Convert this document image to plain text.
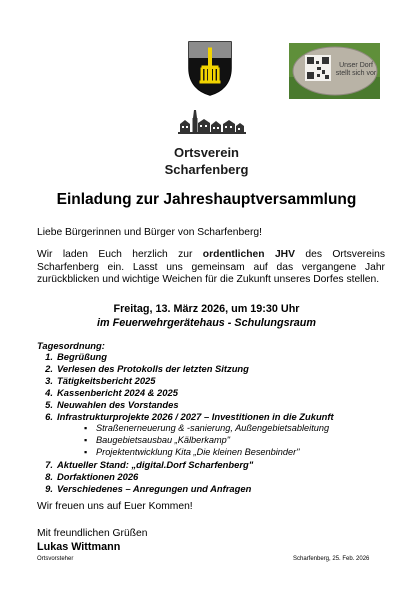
Unser Dorf
stellt sich vor
Ortsverein
Scharfenberg
Einladung zur Jahreshauptversammlung
Liebe Bürgerinnen und Bürger von Scharfenberg!
Wir laden Euch herzlich zur ordentlichen JHV des Ortsvereins Scharfenberg ein. Lasst uns gemeinsam auf das vergangene Jahr zurückblicken und wichtige Weichen für die Zukunft unseres Dorfes stellen.
Freitag, 13. März 2026, um 19:30 Uhr
im Feuerwehrgerätehaus - Schulungsraum
Tagesordnung:
1. Begrüßung
2. Verlesen des Protokolls der letzten Sitzung
3. Tätigkeitsbericht 2025
4. Kassenbericht 2024 & 2025
5. Neuwahlen des Vorstandes
6. Infrastrukturprojekte 2026 / 2027 – Investitionen in die Zukunft
▪ Straßenerneuerung & -sanierung, Außengebietsableitung
▪ Baugebietsausbau „Kälberkamp"
▪ Projektentwicklung Kita „Die kleinen Besenbinder"
7. Aktueller Stand: „digital.Dorf Scharfenberg"
8. Dorfaktionen 2026
9. Verschiedenes – Anregungen und Anfragen
Wir freuen uns auf Euer Kommen!
Mit freundlichen Grüßen
Lukas Wittmann
Ortsvorsteher	Scharfenberg, 25. Feb. 2026
